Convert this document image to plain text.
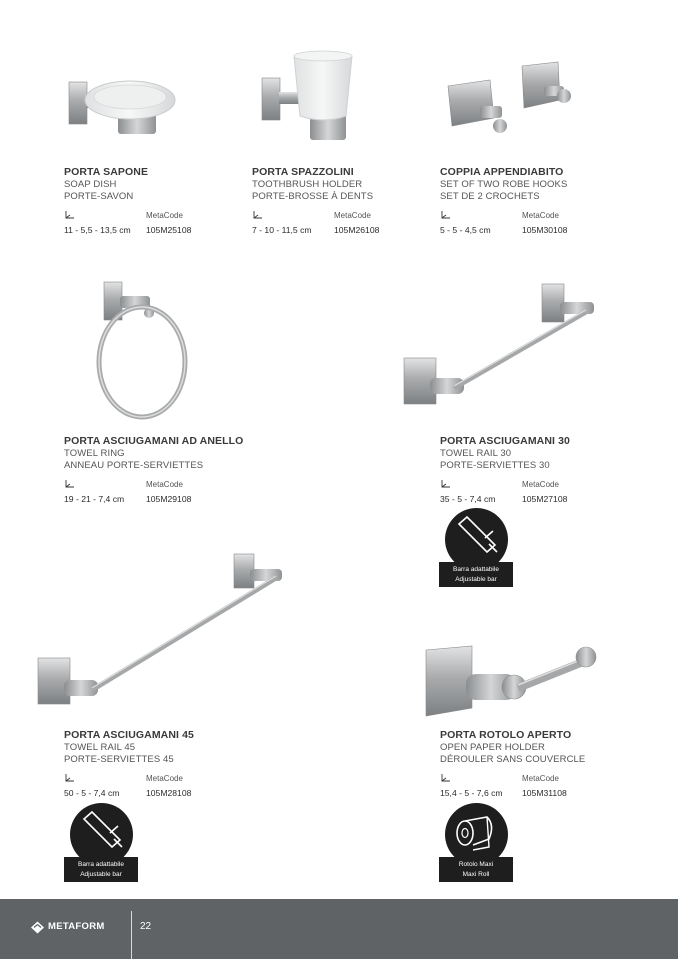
PORTA SAPONE
SOAP DISH
PORTE-SAVON
MetaCode
11 - 5,5 - 13,5 cm 105M25108
PORTA SPAZZOLINI
TOOTHBRUSH HOLDER
PORTE-BROSSE À DENTS
MetaCode
7 - 10 - 11,5 cm	105M26108
COPPIA APPENDIABITO
SET OF TWO ROBE HOOKS
SET DE 2 CROCHETS
MetaCode
5 - 5 - 4,5 cm	105M30108
PORTA ASCIUGAMANI AD ANELLO
TOWEL RING
ANNEAU PORTE-SERVIETTES
MetaCode
19 - 21 - 7,4 cm	105M29108
PORTA ASCIUGAMANI 30
TOWEL RAIL 30
PORTE-SERVIETTES 30
MetaCode
35 - 5 - 7,4 cm	105M27108
Barra adattabile
Adjustable bar
PORTA ASCIUGAMANI 45
TOWEL RAIL 45
PORTE-SERVIETTES 45
MetaCode
50 - 5 - 7,4 cm	105M28108
Barra adattabile
Adjustable bar
PORTA ROTOLO APERTO
OPEN PAPER HOLDER
DÉROULER SANS COUVERCLE
MetaCode
15,4 - 5 - 7,6 cm 105M31108
Rotolo Maxi
Maxi Roll
METAFORM	22
